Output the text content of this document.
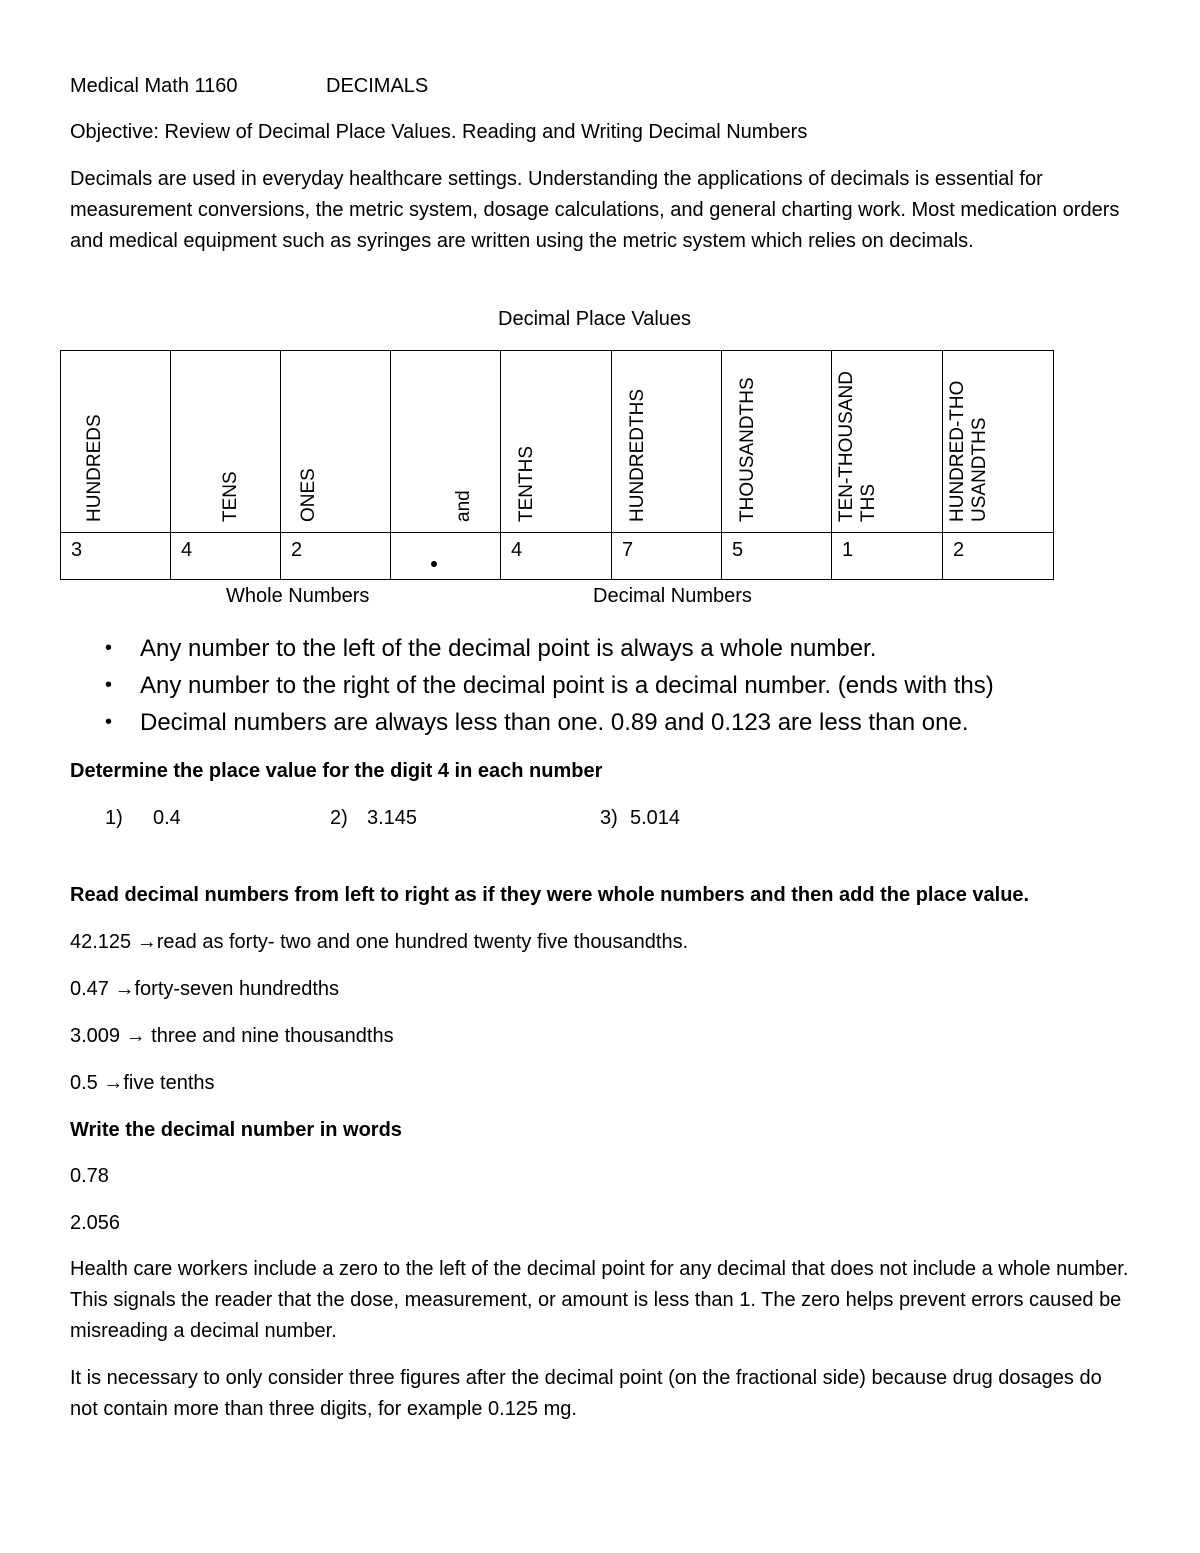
Medical Math 1160	DECIMALS
Objective: Review of Decimal Place Values. Reading and Writing Decimal Numbers

Decimals are used in everyday healthcare settings. Understanding the applications of decimals is essential for measurement conversions, the metric system, dosage calculations, and general charting work. Most medication orders and medical equipment such as syringes are written using the metric system which relies on decimals.

Decimal Place Values
HUNDREDS	TENS	ONES	and	TENTHS	HUNDREDTHS	THOUSANDTHS	TEN-THOUSAND THS	HUNDRED-THO USANDTHS

3	4	2		4	7	5	1	2
Whole Numbers	Decimal Numbers
• Any number to the left of the decimal point is always a whole number.
• Any number to the right of the decimal point is a decimal number. (ends with ths)
• Decimal numbers are always less than one. 0.89 and 0.123 are less than one.
Determine the place value for the digit 4 in each number
1) 0.4	2) 3.145	3) 5.014
Read decimal numbers from left to right as if they were whole numbers and then add the place value.
42.125 →read as forty- two and one hundred twenty five thousandths.
0.47 →forty-seven hundredths
3.009 → three and nine thousandths
0.5 →five tenths
Write the decimal number in words
0.78
2.056

Health care workers include a zero to the left of the decimal point for any decimal that does not include a whole number. This signals the reader that the dose, measurement, or amount is less than 1. The zero helps prevent errors caused be misreading a decimal number.

It is necessary to only consider three figures after the decimal point (on the fractional side) because drug dosages do not contain more than three digits, for example 0.125 mg.
